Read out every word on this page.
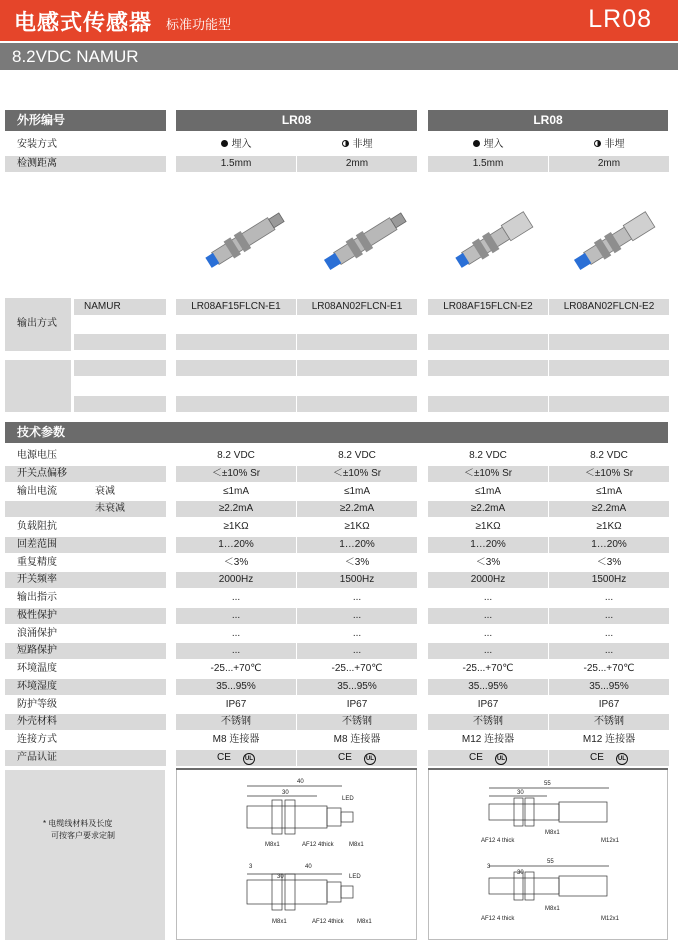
电感式传感器 标准功能型	LR08
8.2VDC NAMUR
外形编号	LR08	LR08
安装方式	埋入	非埋	埋入	非埋
检测距离	1.5mm	2mm	1.5mm	2mm
输出方式
NAMUR	LR08AF15FLCN-E1	LR08AN02FLCN-E1	LR08AF15FLCN-E2	LR08AN02FLCN-E2
技术参数
电源电压	8.2 VDC	8.2 VDC	8.2 VDC	8.2 VDC
开关点偏移	＜±10% Sr	＜±10% Sr	＜±10% Sr	＜±10% Sr
输出电流	衰减	≤1mA	≤1mA	≤1mA	≤1mA
未衰减	≥2.2mA	≥2.2mA	≥2.2mA	≥2.2mA
负载阻抗	≥1KΩ	≥1KΩ	≥1KΩ	≥1KΩ
回差范围	1…20%	1…20%	1…20%	1…20%
重复精度	＜3%	＜3%	＜3%	＜3%
开关频率	2000Hz	1500Hz	2000Hz	1500Hz
输出指示	...	...	...	...
极性保护	...	...	...	...
浪涌保护	...	...	...	...
短路保护	...	...	...	...
环境温度	-25...+70℃	-25...+70℃	-25...+70℃	-25...+70℃
环境湿度	35...95%	35...95%	35...95%	35...95%
防护等级	IP67	IP67	IP67	IP67
外壳材料	不锈钢	不锈钢	不锈钢	不锈钢
连接方式	M8 连接器	M8 连接器	M12 连接器	M12 连接器
产品认证	CE UL	CE UL	CE UL	CE UL
* 电缆线材料及长度
可按客户要求定制
40
30
LED
M8x1	AF12 4thick	M8x1
3	40
30	LED
M8x1	AF12 4thick M8x1
55
30
AF12 4 thick
M8x1
M12x1
3
55
30
AF12 4 thick
M8x1
M12x1
